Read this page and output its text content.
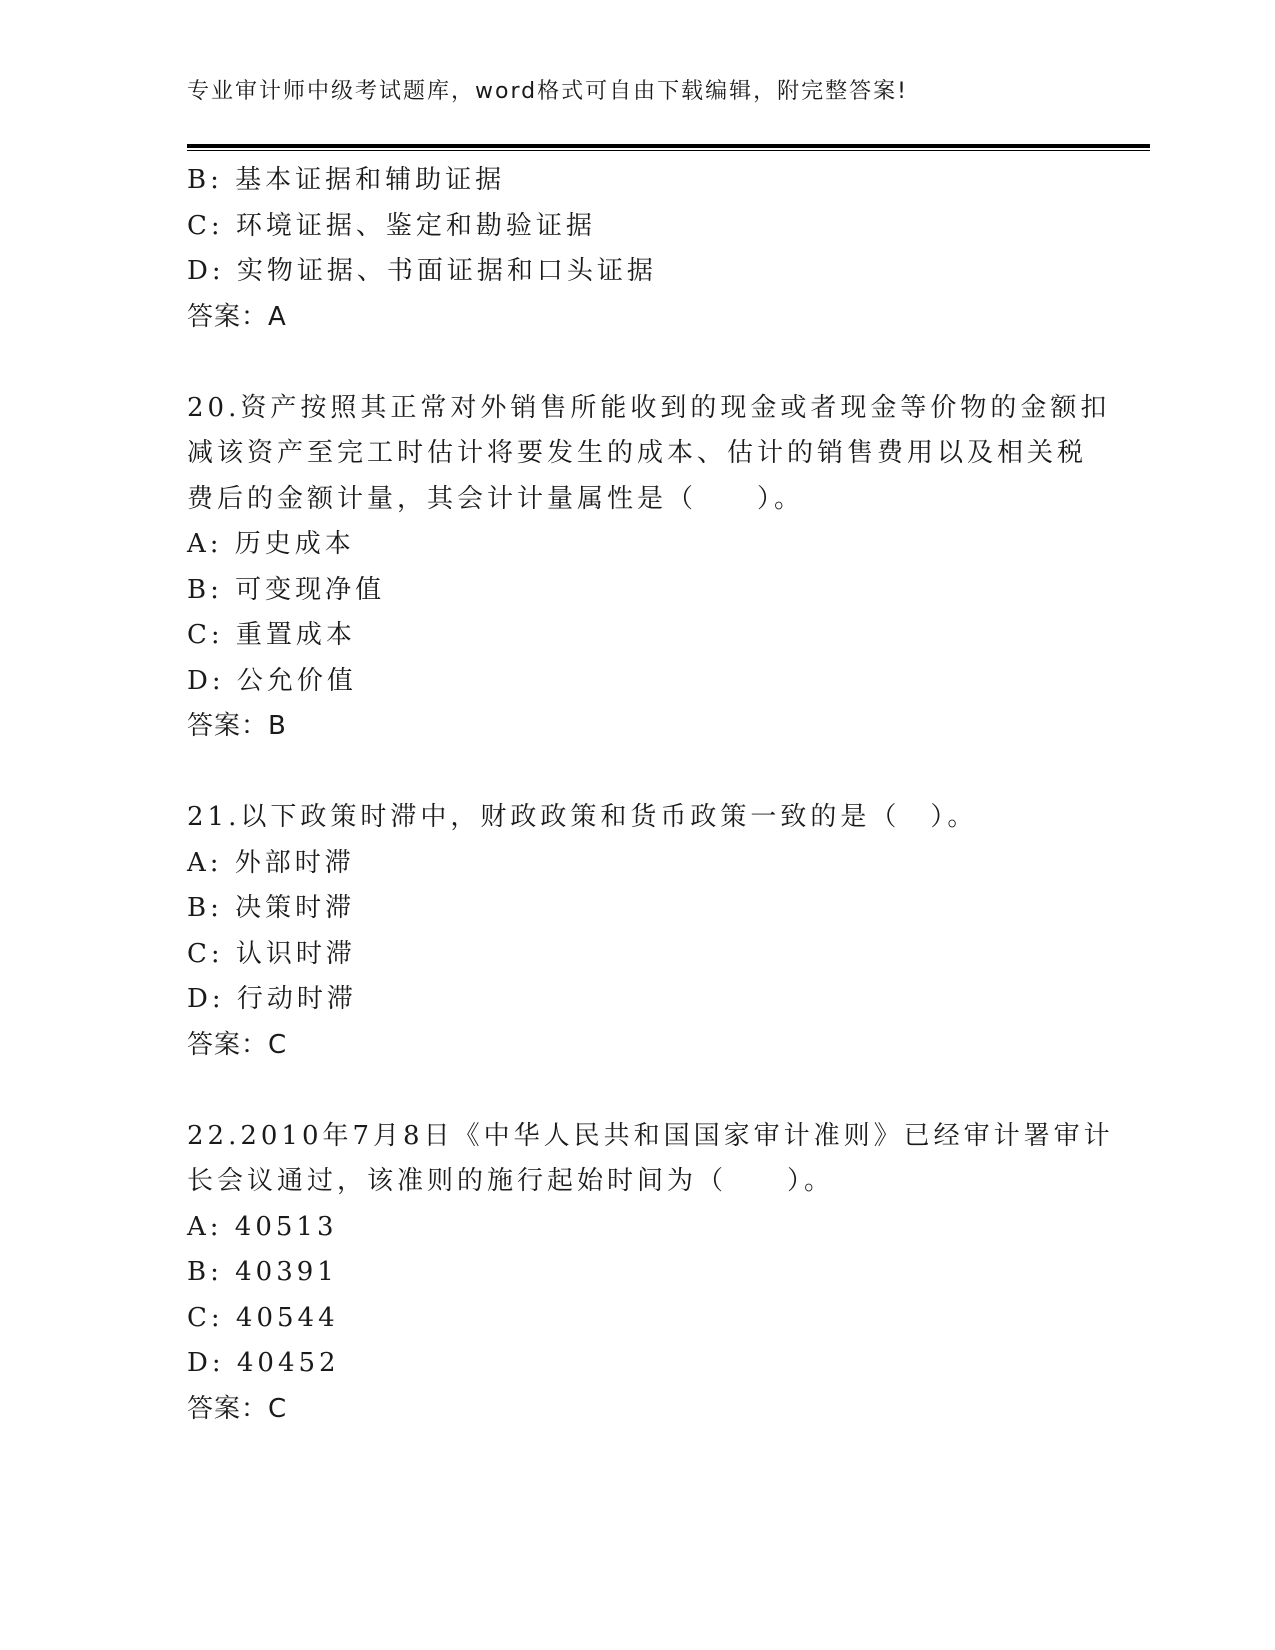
专业审计师中级考试题库，word格式可自由下载编辑，附完整答案!
B: 基本证据和辅助证据
C: 环境证据、鉴定和勘验证据
D: 实物证据、书面证据和口头证据
答案：A
20.资产按照其正常对外销售所能收到的现金或者现金等价物的金额扣
减该资产至完工时估计将要发生的成本、估计的销售费用以及相关税
费后的金额计量，其会计计量属性是（　　）。
A: 历史成本
B: 可变现净值
C: 重置成本
D: 公允价值
答案：B
21.以下政策时滞中，财政政策和货币政策一致的是（　）。
A: 外部时滞
B: 决策时滞
C: 认识时滞
D: 行动时滞
答案：C
22.2010年7月8日《中华人民共和国国家审计准则》已经审计署审计
长会议通过，该准则的施行起始时间为（　　）。
A: 40513
B: 40391
C: 40544
D: 40452
答案：C
